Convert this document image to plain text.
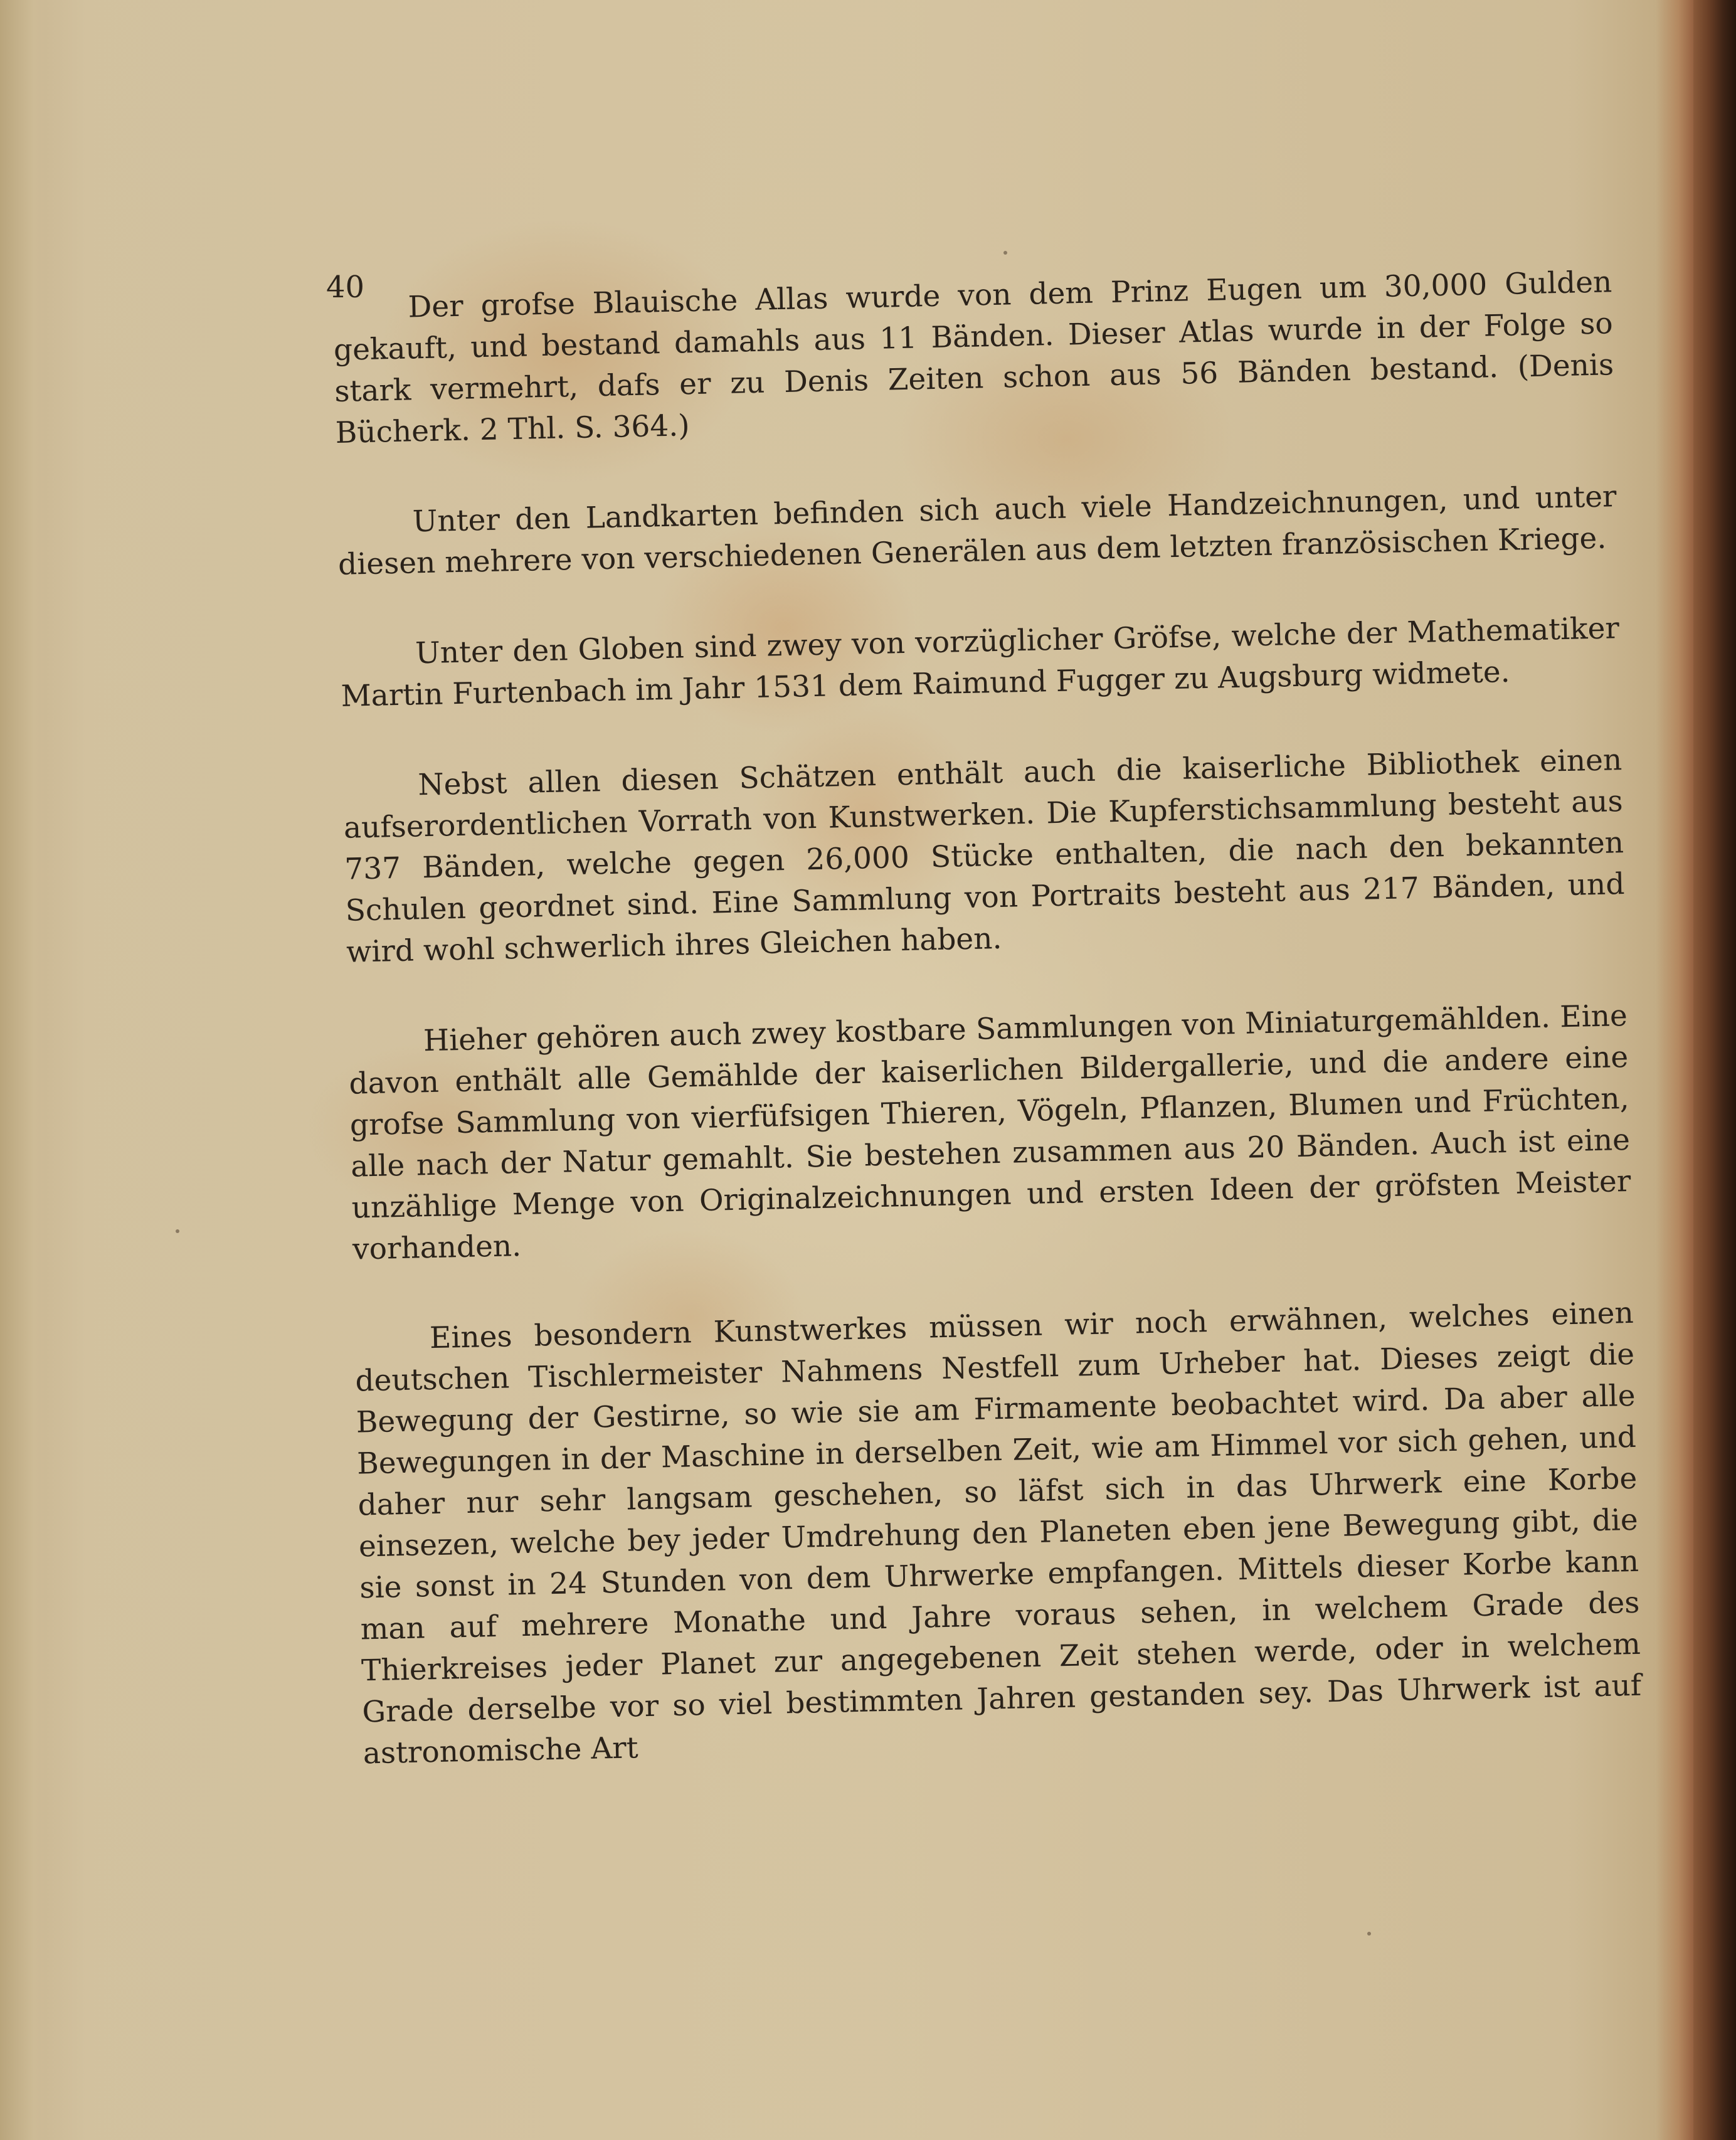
40	Der grofse Blauische Allas wurde von dem Prinz Eugen um 30,000 Gulden gekauft, und bestand damahls aus 11 Bänden. Dieser Atlas wurde in der Folge so stark vermehrt, dafs er zu Denis Zeiten schon aus 56 Bänden bestand. (Denis Bücherk. 2 Thl. S. 364.)

Unter den Landkarten befinden sich auch viele Handzeichnungen, und unter diesen mehrere von verschiedenen Generälen aus dem letzten französischen Kriege.

Unter den Globen sind zwey von vorzüglicher Gröfse, welche der Mathematiker Martin Furtenbach im Jahr 1531 dem Raimund Fugger zu Augsburg widmete.

Nebst allen diesen Schätzen enthält auch die kaiserliche Bibliothek einen aufserordentlichen Vorrath von Kunstwerken. Die Kupferstichsammlung besteht aus 737 Bänden, welche gegen 26,000 Stücke enthalten, die nach den bekannten Schulen geordnet sind. Eine Sammlung von Portraits besteht aus 217 Bänden, und wird wohl schwerlich ihres Gleichen haben.

Hieher gehören auch zwey kostbare Sammlungen von Miniaturgemählden. Eine davon enthält alle Gemählde der kaiserlichen Bildergallerie, und die andere eine grofse Sammlung von vierfüfsigen Thieren, Vögeln, Pflanzen, Blumen und Früchten, alle nach der Natur gemahlt. Sie bestehen zusammen aus 20 Bänden. Auch ist eine unzählige Menge von Originalzeichnungen und ersten Ideen der gröfsten Meister vorhanden.

Eines besondern Kunstwerkes müssen wir noch erwähnen, welches einen deutschen Tischlermeister Nahmens Nestfell zum Urheber hat. Dieses zeigt die Bewegung der Gestirne, so wie sie am Firmamente beobachtet wird. Da aber alle Bewegungen in der Maschine in derselben Zeit, wie am Himmel vor sich gehen, und daher nur sehr langsam geschehen, so läfst sich in das Uhrwerk eine Korbe einsezen, welche bey jeder Umdrehung den Planeten eben jene Bewegung gibt, die sie sonst in 24 Stunden von dem Uhrwerke empfangen. Mittels dieser Korbe kann man auf mehrere Monathe und Jahre voraus sehen, in welchem Grade des Thierkreises jeder Planet zur angegebenen Zeit stehen werde, oder in welchem Grade derselbe vor so viel bestimmten Jahren gestanden sey. Das Uhrwerk ist auf astronomische Art
